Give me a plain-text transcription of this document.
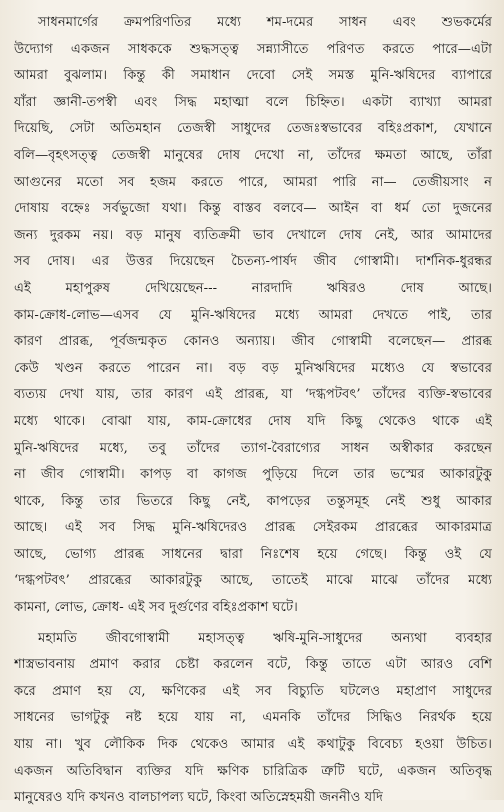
সাধনমার্গের ক্রমপরিণতির মধ্যে শম-দমের সাধন এবং শুভকর্মের
উদ্যোগ একজন সাধককে শুদ্ধসত্ত্ব সন্ন্যাসীতে পরিণত করতে পারে—এটা
আমরা বুঝলাম। কিন্তু কী সমাধান দেবো সেই সমস্ত মুনি-ঋষিদের ব্যাপারে
যাঁরা জ্ঞানী-তপস্বী এবং সিদ্ধ মহাত্মা বলে চিহ্নিত। একটা ব্যাখ্যা আমরা
দিয়েছি, সেটা অতিমহান তেজস্বী সাধুদের তেজঃস্বভাবের বহিঃপ্রকাশ, যেখানে
বলি—বৃহৎসত্ত্ব তেজস্বী মানুষের দোষ দেখো না, তাঁদের ক্ষমতা আছে, তাঁরা
আগুনের মতো সব হজম করতে পারে, আমরা পারি না— তেজীয়সাং ন
দোষায় বহ্নেঃ সর্বভুজো যথা। কিন্তু বাস্তব বলবে— আইন বা ধর্ম তো দুজনের
জন্য দুরকম নয়। বড় মানুষ ব্যতিক্রমী ভাব দেখালে দোষ নেই, আর আমাদের
সব দোষ। এর উত্তর দিয়েছেন চৈতন্য-পার্ষদ জীব গোস্বামী। দার্শনিক-ধুরন্ধর
এই মহাপুরুষ দেখিয়েছেন--- নারদাদি ঋষিরও দোষ আছে।
কাম-ক্রোধ-লোভ—এসব যে মুনি-ঋষিদের মধ্যে আমরা দেখতে পাই, তার
কারণ প্রারব্ধ, পূর্বজন্মকৃত কোনও অন্যায়। জীব গোস্বামী বলেছেন— প্রারব্ধ
কেউ খণ্ডন করতে পারেন না। বড় বড় মুনিঋষিদের মধ্যেও যে স্বভাবের
ব্যত্যয় দেখা যায়, তার কারণ এই প্রারব্ধ, যা ‘দগ্ধপটবৎ’ তাঁদের ব্যক্তি-স্বভাবের
মধ্যে থাকে। বোঝা যায়, কাম-ক্রোধের দোষ যদি কিছু থেকেও থাকে এই
মুনি-ঋষিদের মধ্যে, তবু তাঁদের ত্যাগ-বৈরাগ্যের সাধন অস্বীকার করছেন
না জীব গোস্বামী। কাপড় বা কাগজ পুড়িয়ে দিলে তার ভস্মের আকারটুকু
থাকে, কিন্তু তার ভিতরে কিছু নেই, কাপড়ের তন্তুসমূহ নেই শুধু আকার
আছে। এই সব সিদ্ধ মুনি-ঋষিদেরও প্রারব্ধ সেইরকম প্রারব্ধের আকারমাত্র
আছে, ভোগ্য প্রারব্ধ সাধনের দ্বারা নিঃশেষ হয়ে গেছে। কিন্তু ওই যে
‘দগ্ধপটবৎ’ প্রারব্ধের আকারটুকু আছে, তাতেই মাঝে মাঝে তাঁদের মধ্যে
কামনা, লোভ, ক্রোধ- এই সব দুর্গুণের বহিঃপ্রকাশ ঘটে।
মহামতি জীবগোস্বামী মহাসত্ত্ব ঋষি-মুনি-সাধুদের অন্যথা ব্যবহার
শাস্ত্রভাবনায় প্রমাণ করার চেষ্টা করলেন বটে, কিন্তু তাতে এটা আরও বেশি
করে প্রমাণ হয় যে, ক্ষণিকের এই সব বিচ্যুতি ঘটলেও মহাপ্রাণ সাধুদের
সাধনের ভাগটুকু নষ্ট হয়ে যায় না, এমনকি তাঁদের সিদ্ধিও নিরর্থক হয়ে
যায় না। খুব লৌকিক দিক থেকেও আমার এই কথাটুকু বিবেচ্য হওয়া উচিত।
একজন অতিবিদ্বান ব্যক্তির যদি ক্ষণিক চারিত্রিক ত্রুটি ঘটে, একজন অতিবৃদ্ধ
মানুষেরও যদি কখনও বালচাপল্য ঘটে, কিংবা অতিস্নেহময়ী জননীও যদি
